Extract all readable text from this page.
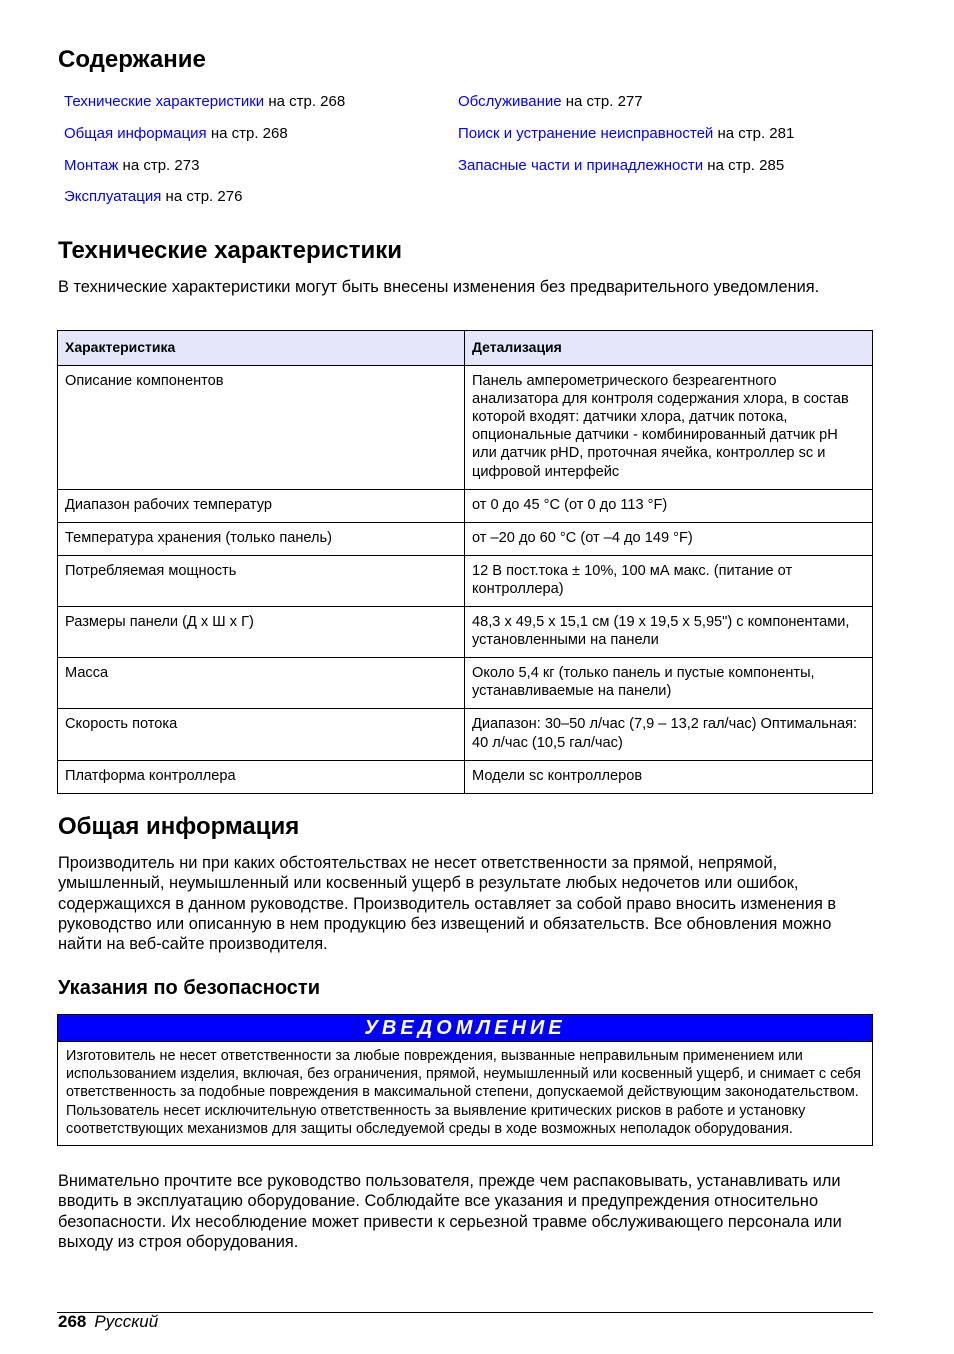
Содержание
Технические характеристики на стр. 268
Общая информация на стр. 268
Монтаж на стр. 273
Эксплуатация на стр. 276
Обслуживание на стр. 277
Поиск и устранение неисправностей на стр. 281
Запасные части и принадлежности на стр. 285
Технические характеристики

В технические характеристики могут быть внесены изменения без предварительного уведомления.

Характеристика	Детализация
Описание компонентов	Панель амперометрического безреагентного анализатора для контроля содержания хлора, в состав которой входят: датчики хлора, датчик потока, опциональные датчики - комбинированный датчик pH или датчик pHD, проточная ячейка, контроллер sc и цифровой интерфейс
Диапазон рабочих температур	от 0 до 45 °C (от 0 до 113 °F)
Температура хранения (только панель)	от –20 до 60 °C (от –4 до 149 °F)
Потребляемая мощность	12 В пост.тока ± 10%, 100 мА макс. (питание от контроллера)
Размеры панели (Д x Ш x Г)	48,3 x 49,5 x 15,1 см (19 x 19,5 x 5,95") с компонентами, установленными на панели
Масса	Около 5,4 кг (только панель и пустые компоненты, устанавливаемые на панели)
Скорость потока	Диапазон: 30–50 л/час (7,9 – 13,2 гал/час) Оптимальная: 40 л/час (10,5 гал/час)
Платформа контроллера	Модели sc контроллеров
Общая информация

Производитель ни при каких обстоятельствах не несет ответственности за прямой, непрямой, умышленный, неумышленный или косвенный ущерб в результате любых недочетов или ошибок, содержащихся в данном руководстве. Производитель оставляет за собой право вносить изменения в руководство или описанную в нем продукцию без извещений и обязательств. Все обновления можно найти на веб-сайте производителя.

Указания по безопасности
УВЕДОМЛЕНИЕ
Изготовитель не несет ответственности за любые повреждения, вызванные неправильным применением или использованием изделия, включая, без ограничения, прямой, неумышленный или косвенный ущерб, и снимает с себя ответственность за подобные повреждения в максимальной степени, допускаемой действующим законодательством. Пользователь несет исключительную ответственность за выявление критических рисков в работе и установку соответствующих механизмов для защиты обследуемой среды в ходе возможных неполадок оборудования.

Внимательно прочтите все руководство пользователя, прежде чем распаковывать, устанавливать или вводить в эксплуатацию оборудование. Соблюдайте все указания и предупреждения относительно безопасности. Их несоблюдение может привести к серьезной травме обслуживающего персонала или выходу из строя оборудования.

268 Русский
